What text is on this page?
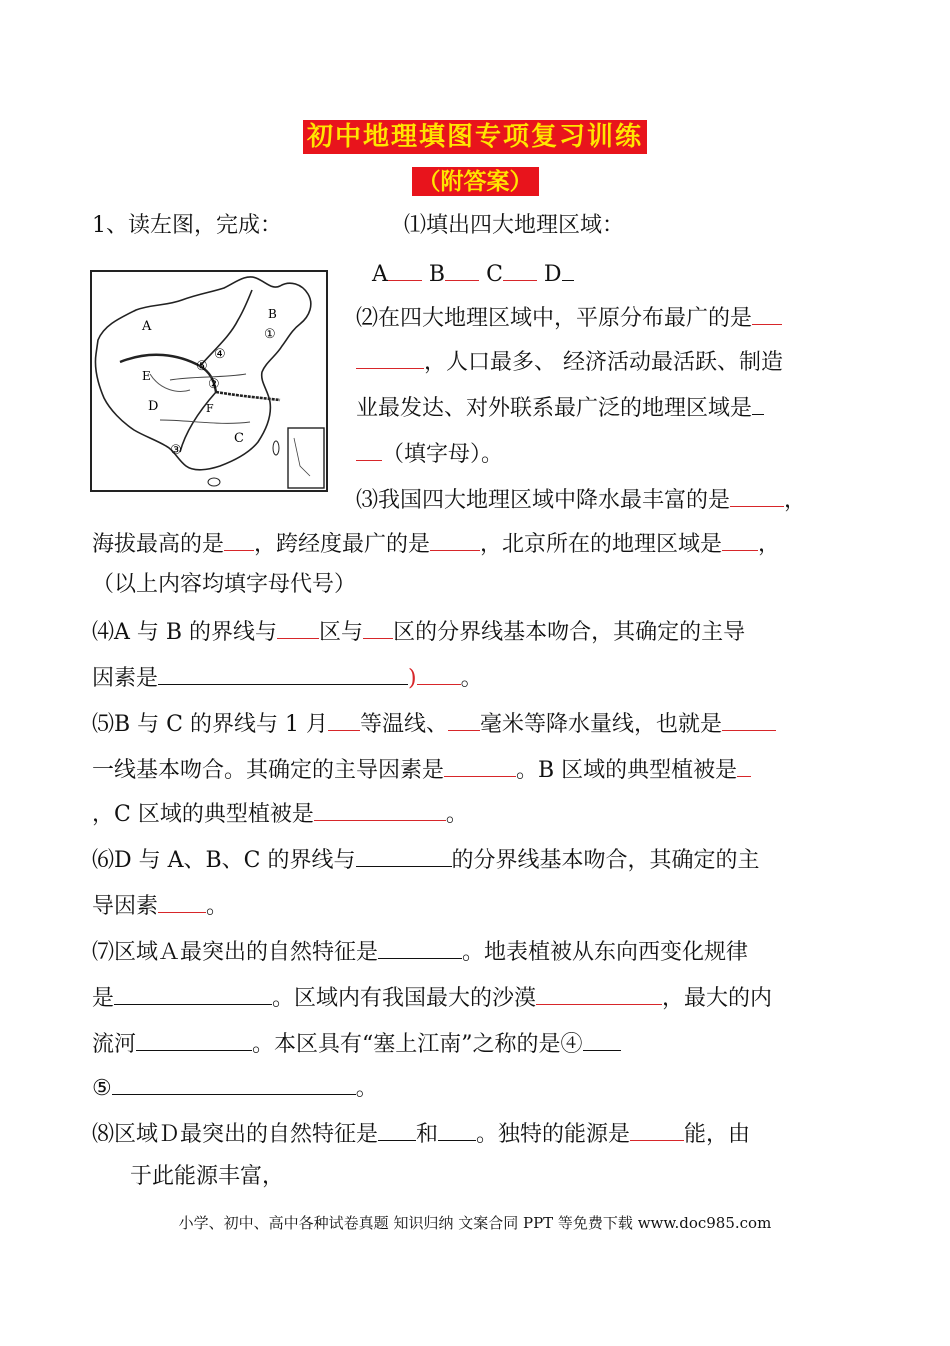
初中地理填图专项复习训练
（附答案）
1、读左图，完成：	⑴填出四大地理区域：
A B C D
A
B
C
D
E
F
①
②
③
④
⑤
⑵在四大地理区域中，平原分布最广的是
，人口最多、 经济活动最活跃、制造
业最发达、对外联系最广泛的地理区域是
（填字母）。
⑶我国四大地理区域中降水最丰富的是 ，
海拔最高的是 ，跨经度最广的是 ，北京所在的地理区域是 ，
（以上内容均填字母代号）
⑷A 与 B 的界线与 区与 区的分界线基本吻合，其确定的主导
因素是	) 。
⑸B 与 C 的界线与 1 月 等温线、 毫米等降水量线，也就是
一线基本吻合。其确定的主导因素是	。B 区域的典型植被是
，C 区域的典型植被是	。
⑹D 与 A、B、C 的界线与	的分界线基本吻合，其确定的主
导因素 。
⑺区域Ａ最突出的自然特征是	。地表植被从东向西变化规律
是	。区域内有我国最大的沙漠	，最大的内
流河	。本区具有“塞上江南”之称的是④
⑤	。
⑻区域Ｄ最突出的自然特征是 和 。独特的能源是 能，由
于此能源丰富，
小学、初中、高中各种试卷真题 知识归纳 文案合同 PPT 等免费下载 www.doc985.com
